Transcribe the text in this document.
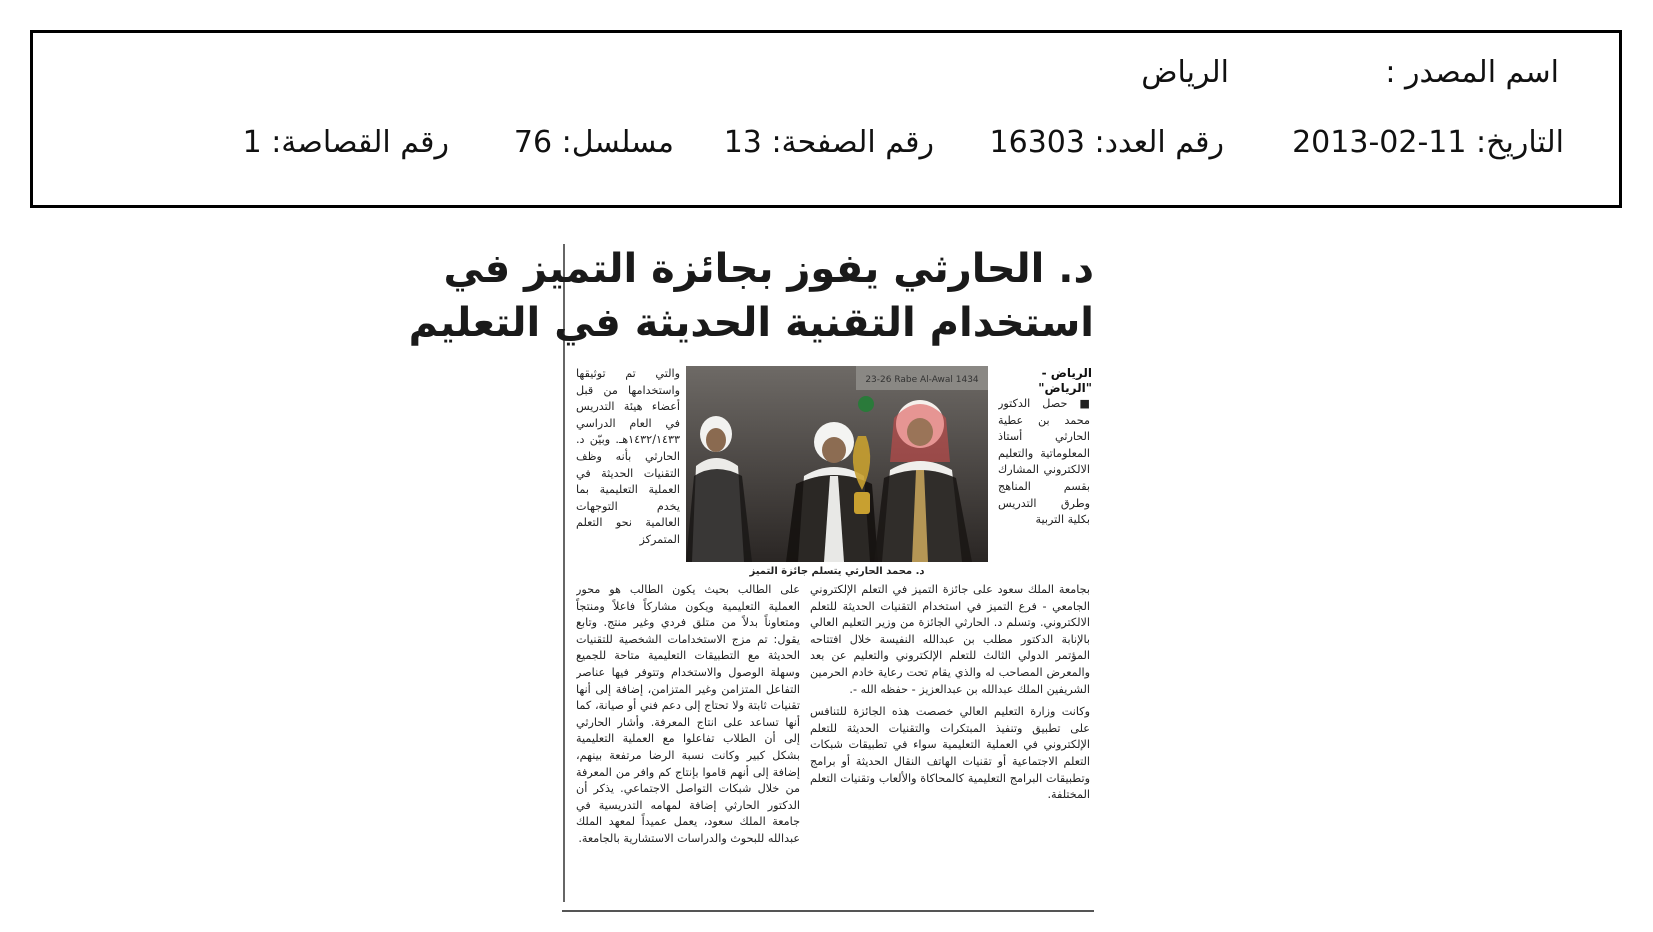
اسم المصدر :
الرياض
التاريخ: 11-02-2013
رقم العدد: 16303
رقم الصفحة: 13
مسلسل: 76
رقم القصاصة: 1
د. الحارثي يفوز بجائزة التميز في
استخدام التقنية الحديثة في التعليم
الرياض - "الرياض"

■ حصل الدكتور محمد بن عطية الحارثي أستاذ المعلوماتية والتعليم الالكتروني المشارك بقسم المناهج وطرق التدريس بكلية التربية

والتي تم توثيقها واستخدامها من قبل أعضاء هيئة التدريس في العام الدراسي ١٤٣٢/١٤٣٣هـ. وبيّن د. الحارثي بأنه وظف التقنيات الحديثة في العملية التعليمية بما يخدم التوجهات العالمية نحو التعلم المتمركز

23-26 Rabe Al-Awal 1434
د. محمد الحارثي يتسلم جائزة التميز

بجامعة الملك سعود على جائزة التميز في التعلم الإلكتروني الجامعي - فرع التميز في استخدام التقنيات الحديثة للتعلم الالكتروني. وتسلم د. الحارثي الجائزة من وزير التعليم العالي بالإنابة الدكتور مطلب بن عبدالله النفيسة خلال افتتاحه المؤتمر الدولي الثالث للتعلم الإلكتروني والتعليم عن بعد والمعرض المصاحب له والذي يقام تحت رعاية خادم الحرمين الشريفين الملك عبدالله بن عبدالعزيز - حفظه الله -.

وكانت وزارة التعليم العالي خصصت هذه الجائزة للتنافس على تطبيق وتنفيذ المبتكرات والتقنيات الحديثة للتعلم الإلكتروني في العملية التعليمية سواء في تطبيقات شبكات التعلم الاجتماعية أو تقنيات الهاتف النقال الحديثة أو برامج وتطبيقات البرامج التعليمية كالمحاكاة والألعاب وتقنيات التعلم المختلفة.

على الطالب بحيث يكون الطالب هو محور العملية التعليمية ويكون مشاركاً فاعلاً ومنتجاً ومتعاوناً بدلاً من متلق فردي وغير منتج. وتابع يقول: تم مزج الاستخدامات الشخصية للتقنيات الحديثة مع التطبيقات التعليمية متاحة للجميع وسهلة الوصول والاستخدام وتتوفر فيها عناصر التفاعل المتزامن وغير المتزامن، إضافة إلى أنها تقنيات ثابتة ولا تحتاج إلى دعم فني أو صيانة، كما أنها تساعد على انتاج المعرفة. وأشار الحارثي إلى أن الطلاب تفاعلوا مع العملية التعليمية بشكل كبير وكانت نسبة الرضا مرتفعة بينهم، إضافة إلى أنهم قاموا بإنتاج كم وافر من المعرفة من خلال شبكات التواصل الاجتماعي. يذكر أن الدكتور الحارثي إضافة لمهامه التدريسية في جامعة الملك سعود، يعمل عميداً لمعهد الملك عبدالله للبحوث والدراسات الاستشارية بالجامعة.
